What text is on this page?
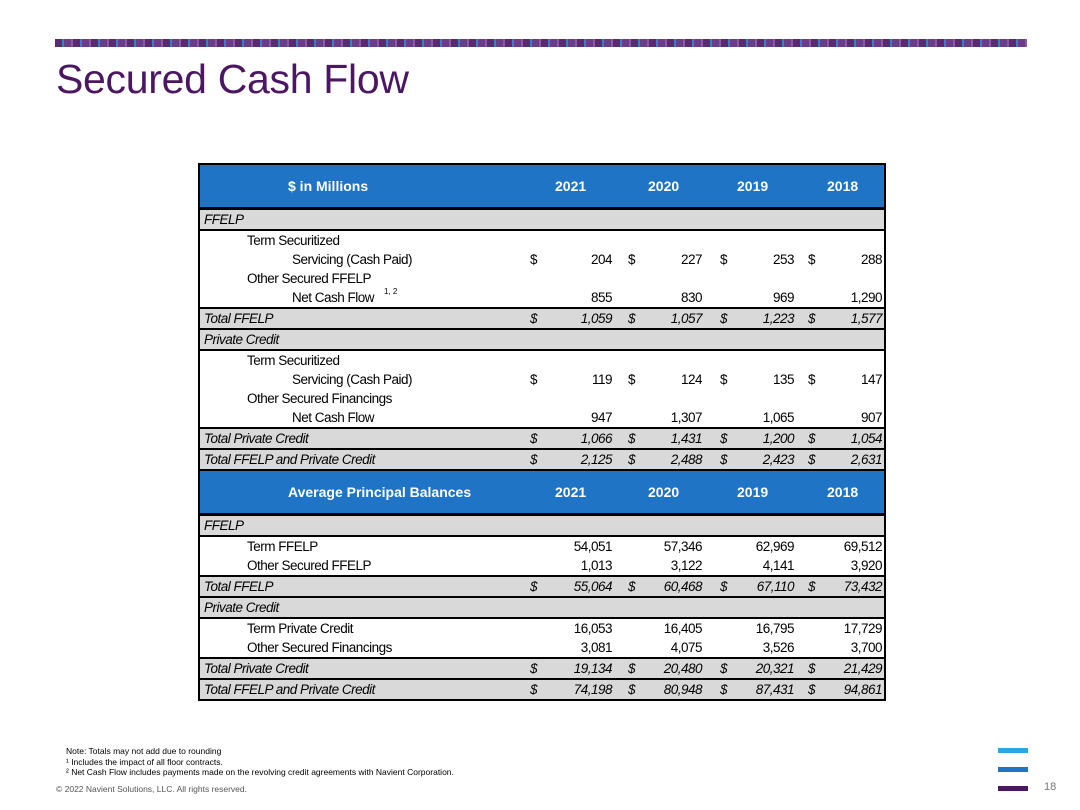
Secured Cash Flow
$ in Millions	2021	2020	2019	2018
FFELP
Term Securitized
Servicing (Cash Paid)	$	204 $	227 $	253 $	288
Other Secured FFELP
Net Cash Flow 1, 2	855	830	969	1,290
Total FFELP	$	1,059 $	1,057 $	1,223 $	1,577
Private Credit
Term Securitized
Servicing (Cash Paid)	$	119 $	124 $	135 $	147
Other Secured Financings
Net Cash Flow	947	1,307	1,065	907
Total Private Credit	$	1,066 $	1,431 $	1,200 $	1,054
Total FFELP and Private Credit	$	2,125 $	2,488 $	2,423 $	2,631
Average Principal Balances	2021	2020	2019	2018
FFELP
Term FFELP	54,051	57,346	62,969	69,512
Other Secured FFELP	1,013	3,122	4,141	3,920
Total FFELP	$	55,064 $	60,468 $	67,110 $	73,432
Private Credit
Term Private Credit	16,053	16,405	16,795	17,729
Other Secured Financings	3,081	4,075	3,526	3,700
Total Private Credit	$	19,134 $	20,480 $	20,321 $	21,429
Total FFELP and Private Credit	$	74,198 $	80,948 $	87,431 $	94,861
Note: Totals may not add due to rounding
¹ Includes the impact of all floor contracts.
² Net Cash Flow includes payments made on the revolving credit agreements with Navient Corporation.
© 2022 Navient Solutions, LLC. All rights reserved.	18
